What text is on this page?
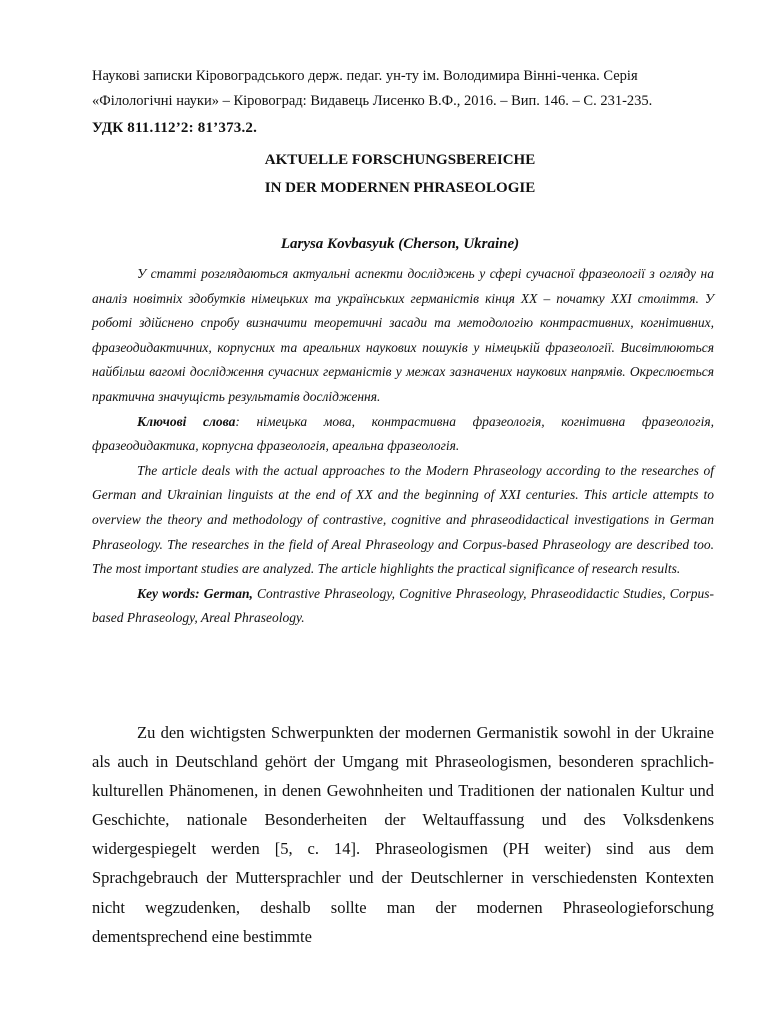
Наукові записки Кіровоградського держ. педаг. ун-ту ім. Володимира Вінні-ченка. Серія

«Філологічні науки» – Кіровоград: Видавець Лисенко В.Ф., 2016. – Вип. 146. – С. 231-235.

УДК 811.112’2: 81’373.2.
AKTUELLE FORSCHUNGSBEREICHE
IN DER MODERNEN PHRASEOLOGIE
Larysa Kovbasyuk (Cherson, Ukraine)

У статті розглядаються актуальні аспекти досліджень у сфері сучасної фразеології з огляду на аналіз новітніх здобутків німецьких та українських германістів кінця ХХ – початку ХХІ століття. У роботі здійснено спробу визначити теоретичні засади та методологію контрастивних, когнітивних, фразеодидактичних, корпусних та ареальних наукових пошуків у німецькій фразеології. Висвітлюються найбільш вагомі дослідження сучасних германістів у межах зазначених наукових напрямів. Окреслюється практична значущість результатів дослідження.

Ключові слова: німецька мова, контрастивна фразеологія, когнітивна фразеологія, фразеодидактика, корпусна фразеологія, ареальна фразеологія.

The article deals with the actual approaches to the Modern Phraseology according to the researches of German and Ukrainian linguists at the end of ХХ and the beginning of ХХІ centuries. This article attempts to overview the theory and methodology of contrastive, cognitive and phraseodidactical investigations in German Phraseology. The researches in the field of Areal Phraseology and Corpus-based Phraseology are described too. The most important studies are analyzed. The article highlights the practical significance of research results.

Key words: German, Contrastive Phraseology, Cognitive Phraseology, Phraseodidactic Studies, Corpus-based Phraseology, Areal Phraseology.

Zu den wichtigsten Schwerpunkten der modernen Germanistik sowohl in der Ukraine als auch in Deutschland gehört der Umgang mit Phraseologismen, besonderen sprachlich-kulturellen Phänomenen, in denen Gewohnheiten und Traditionen der nationalen Kultur und Geschichte, nationale Besonderheiten der Weltauffassung und des Volksdenkens widergespiegelt werden [5, c. 14]. Phraseologismen (PH weiter) sind aus dem Sprachgebrauch der Muttersprachler und der Deutschlerner in verschiedensten Kontexten nicht wegzudenken, deshalb sollte man der modernen Phraseologieforschung dementsprechend eine bestimmte
